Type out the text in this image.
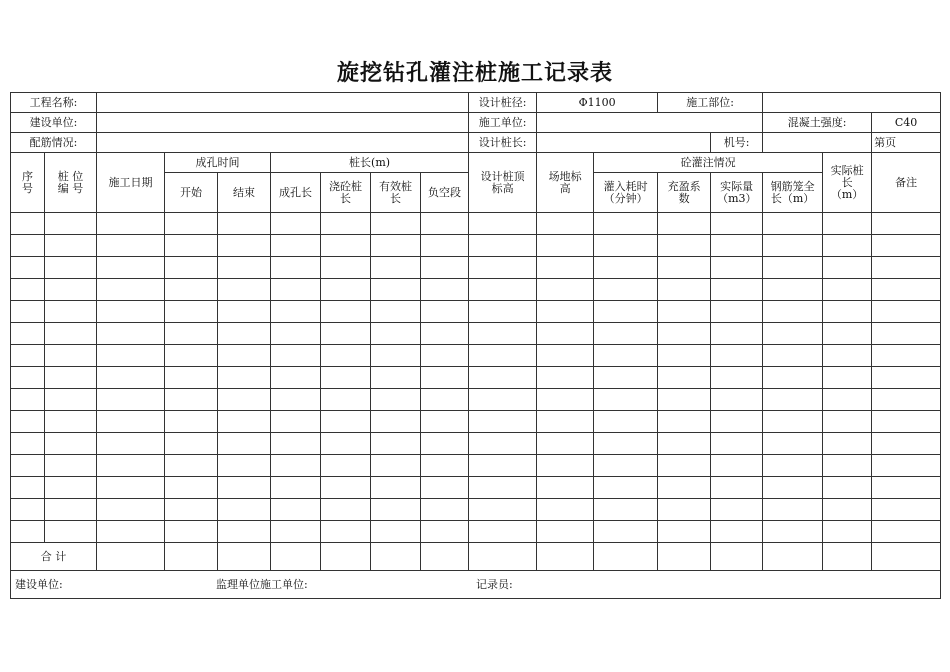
旋挖钻孔灌注桩施工记录表
工程名称:									设计桩径:	Φ1100		施工部位:				
建设单位:									施工单位:					混凝土强度:		C40
配筋情况:									设计桩长:				机号:			第页
序号	桩 位 编 号	施工日期	成孔时间		桩长(m)				设计桩顶标高	场地标高	砼灌注情况				实际桩长（m）	备注
			开始	结束	成孔长	浇砼桩长	有效桩长	负空段			灌入耗时（分钟）	充盈系数	实际量（m3）	钢筋笼全长（m）		

合 计																

建设单位: 监理单位施工单位: 记录员:																
